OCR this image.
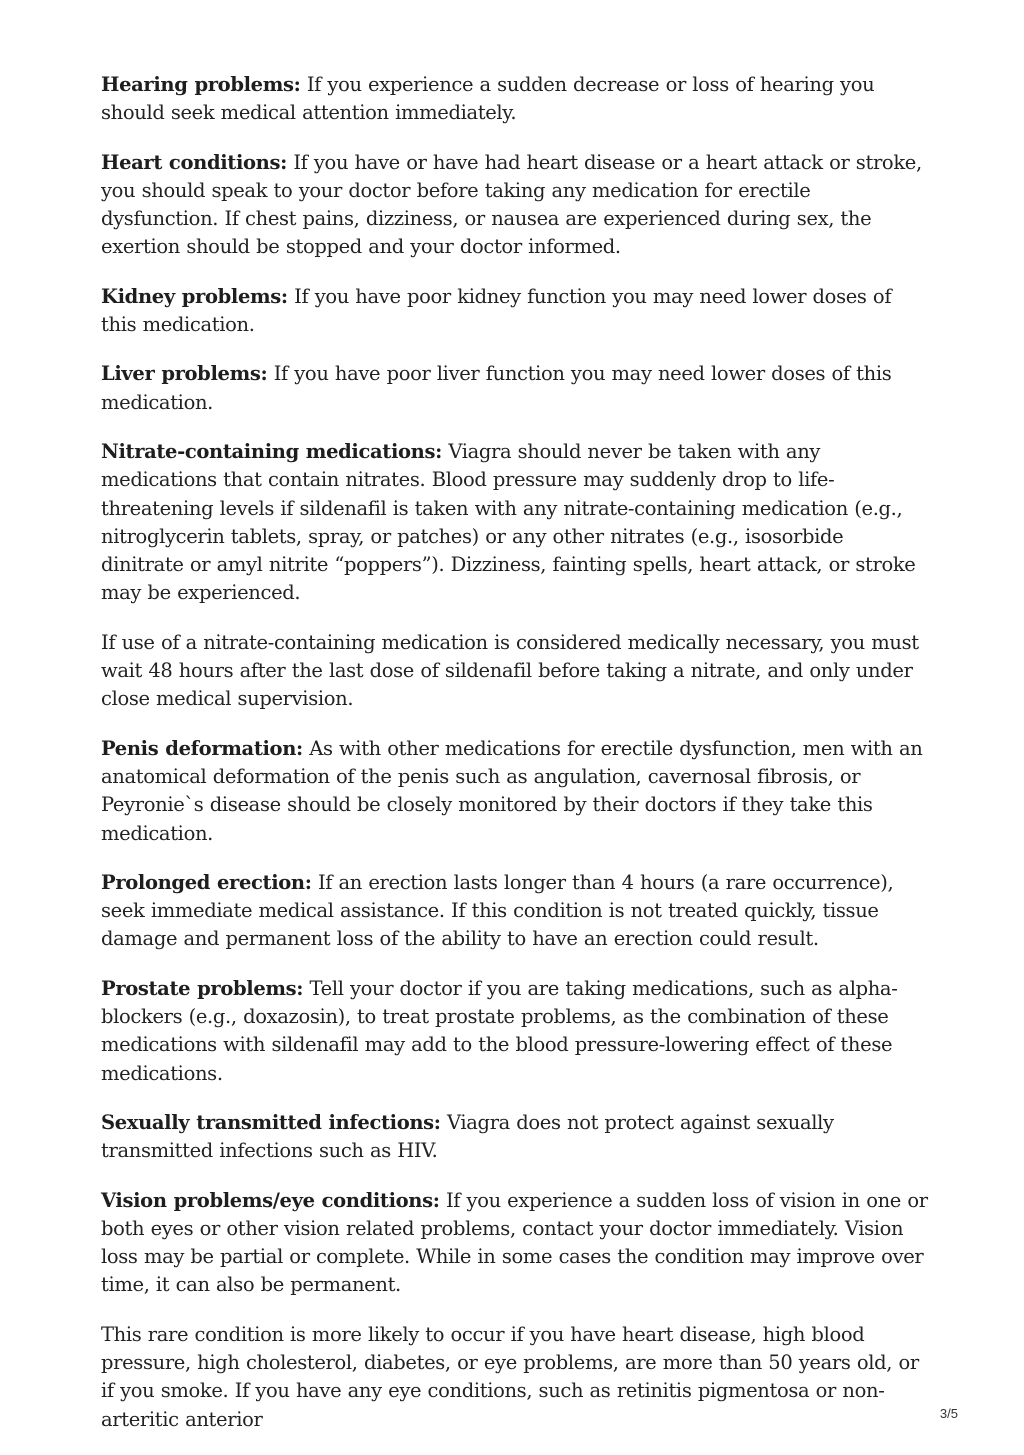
Hearing problems: If you experience a sudden decrease or loss of hearing you should seek medical attention immediately.

Heart conditions: If you have or have had heart disease or a heart attack or stroke, you should speak to your doctor before taking any medication for erectile dysfunction. If chest pains, dizziness, or nausea are experienced during sex, the exertion should be stopped and your doctor informed.

Kidney problems: If you have poor kidney function you may need lower doses of this medication.

Liver problems: If you have poor liver function you may need lower doses of this medication.

Nitrate-containing medications: Viagra should never be taken with any medications that contain nitrates. Blood pressure may suddenly drop to life-threatening levels if sildenafil is taken with any nitrate-containing medication (e.g., nitroglycerin tablets, spray, or patches) or any other nitrates (e.g., isosorbide dinitrate or amyl nitrite “poppers”). Dizziness, fainting spells, heart attack, or stroke may be experienced.

If use of a nitrate-containing medication is considered medically necessary, you must wait 48 hours after the last dose of sildenafil before taking a nitrate, and only under close medical supervision.

Penis deformation: As with other medications for erectile dysfunction, men with an anatomical deformation of the penis such as angulation, cavernosal fibrosis, or Peyronie`s disease should be closely monitored by their doctors if they take this medication.

Prolonged erection: If an erection lasts longer than 4 hours (a rare occurrence), seek immediate medical assistance. If this condition is not treated quickly, tissue damage and permanent loss of the ability to have an erection could result.

Prostate problems: Tell your doctor if you are taking medications, such as alpha-blockers (e.g., doxazosin), to treat prostate problems, as the combination of these medications with sildenafil may add to the blood pressure-lowering effect of these medications.

Sexually transmitted infections: Viagra does not protect against sexually transmitted infections such as HIV.

Vision problems/eye conditions: If you experience a sudden loss of vision in one or both eyes or other vision related problems, contact your doctor immediately. Vision loss may be partial or complete. While in some cases the condition may improve over time, it can also be permanent.

This rare condition is more likely to occur if you have heart disease, high blood pressure, high cholesterol, diabetes, or eye problems, are more than 50 years old, or if you smoke. If you have any eye conditions, such as retinitis pigmentosa or non-arteritic anterior	3/5
